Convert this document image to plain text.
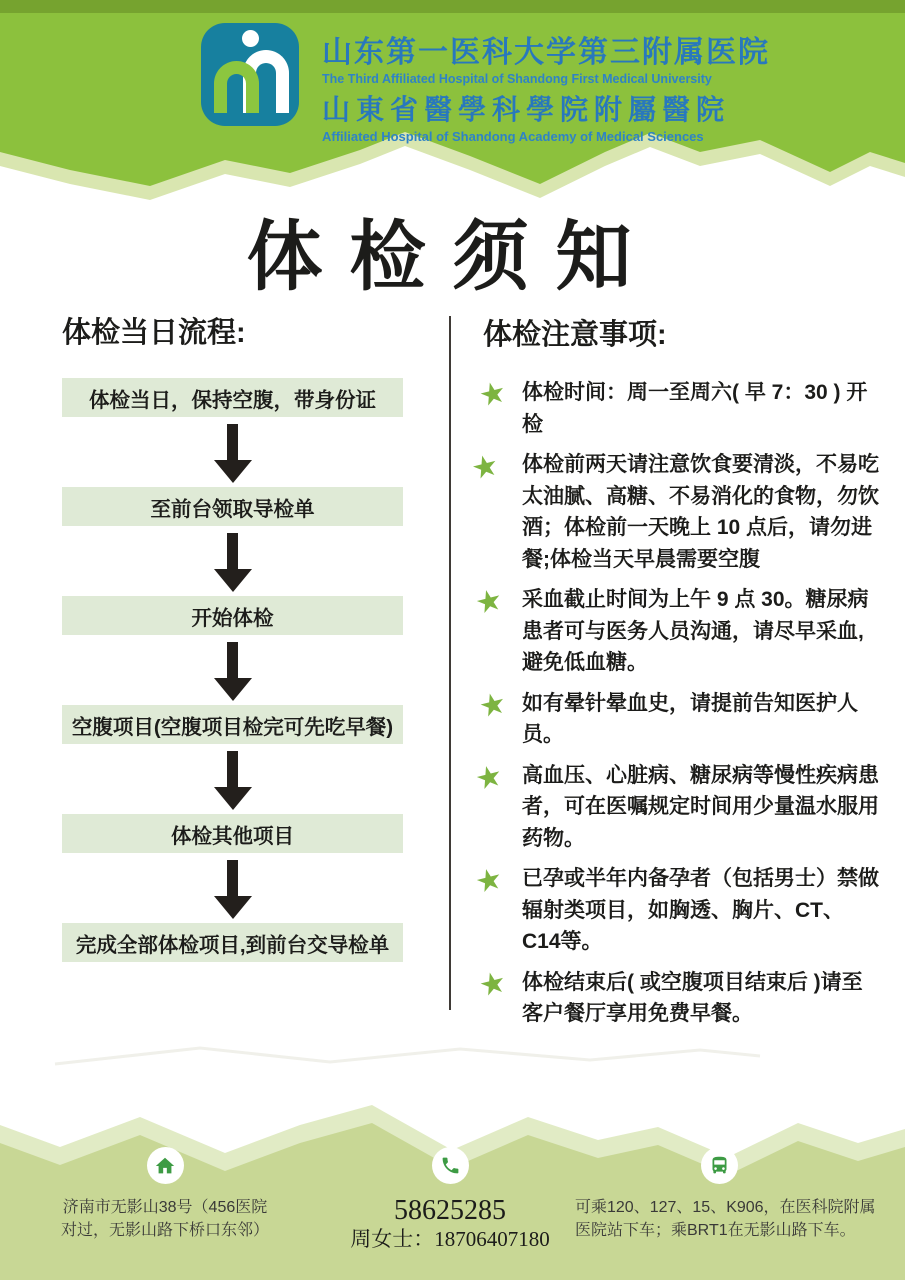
山东第一医科大学第三附属医院
The Third Affiliated Hospital of Shandong First Medical University
山東省醫學科學院附屬醫院
Affiliated Hospital of Shandong Academy of Medical Sciences
体检须知
体检当日流程:
体检当日，保持空腹，带身份证
至前台领取导检单
开始体检
空腹项目(空腹项目检完可先吃早餐)
体检其他项目
完成全部体检项目,到前台交导检单
体检注意事项:
★ 体检时间：周一至周六( 早 7：30 ) 开检

★ 体检前两天请注意饮食要清淡，不易吃太油腻、高糖、不易消化的食物，勿饮酒；体检前一天晚上 10 点后，请勿进餐;体检当天早晨需要空腹

★ 采血截止时间为上午 9 点 30。糖尿病患者可与医务人员沟通，请尽早采血,避免低血糖。

★ 如有晕针晕血史，请提前告知医护人员。

★ 高血压、心脏病、糖尿病等慢性疾病患者，可在医嘱规定时间用少量温水服用药物。

★ 已孕或半年内备孕者（包括男士）禁做辐射类项目，如胸透、胸片、CT、C14等。

★ 体检结束后( 或空腹项目结束后 )请至客户餐厅享用免费早餐。

济南市无影山38号（456医院
对过，无影山路下桥口东邻）
58625285
周女士：18706407180
可乘120、127、15、K906，在医科院附属
医院站下车；乘BRT1在无影山路下车。
